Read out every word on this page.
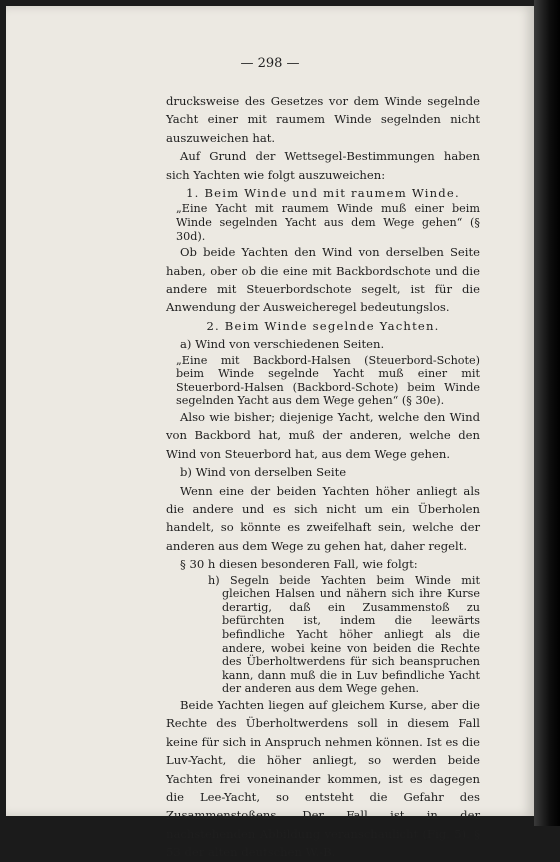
— 298 —

drucksweise des Gesetzes vor dem Winde segelnde Yacht einer mit raumem Winde segelnden nicht auszuweichen hat.

Auf Grund der Wettsegel-Bestimmungen haben sich Yachten wie folgt auszuweichen:

1. Beim Winde und mit raumem Winde.

„Eine Yacht mit raumem Winde muß einer beim Winde segelnden Yacht aus dem Wege gehen“ (§ 30d).

Ob beide Yachten den Wind von derselben Seite haben, ober ob die eine mit Backbordschote und die andere mit Steuerbordschote segelt, ist für die Anwendung der Ausweicheregel bedeutungslos.

2. Beim Winde segelnde Yachten.

a) Wind von verschiedenen Seiten.

„Eine mit Backbord-Halsen (Steuerbord-Schote) beim Winde segelnde Yacht muß einer mit Steuerbord-Halsen (Backbord-Schote) beim Winde segelnden Yacht aus dem Wege gehen“ (§ 30e).

Also wie bisher; diejenige Yacht, welche den Wind von Backbord hat, muß der anderen, welche den Wind von Steuerbord hat, aus dem Wege gehen.

b) Wind von derselben Seite

Wenn eine der beiden Yachten höher anliegt als die andere und es sich nicht um ein Überholen handelt, so könnte es zweifelhaft sein, welche der anderen aus dem Wege zu gehen hat, daher regelt.

§ 30 h diesen besonderen Fall, wie folgt:

h) Segeln beide Yachten beim Winde mit gleichen Halsen und nähern sich ihre Kurse derartig, daß ein Zusammenstoß zu befürchten ist, indem die leewärts befindliche Yacht höher anliegt als die andere, wobei keine von beiden die Rechte des Überholtwerdens für sich beanspruchen kann, dann muß die in Luv befindliche Yacht der anderen aus dem Wege gehen.

Beide Yachten liegen auf gleichem Kurse, aber die Rechte des Überholtwerdens soll in diesem Fall keine für sich in Anspruch nehmen können. Ist es die Luv-Yacht, die höher anliegt, so werden beide Yachten frei voneinander kommen, ist es dagegen die Lee-Yacht, so entsteht die Gefahr des Zusammenstoßens. Der Fall ist in der nachstehenden Abbildung veranschaulicht (Fig. 5). § 53 der alten deutschen W.-B.
